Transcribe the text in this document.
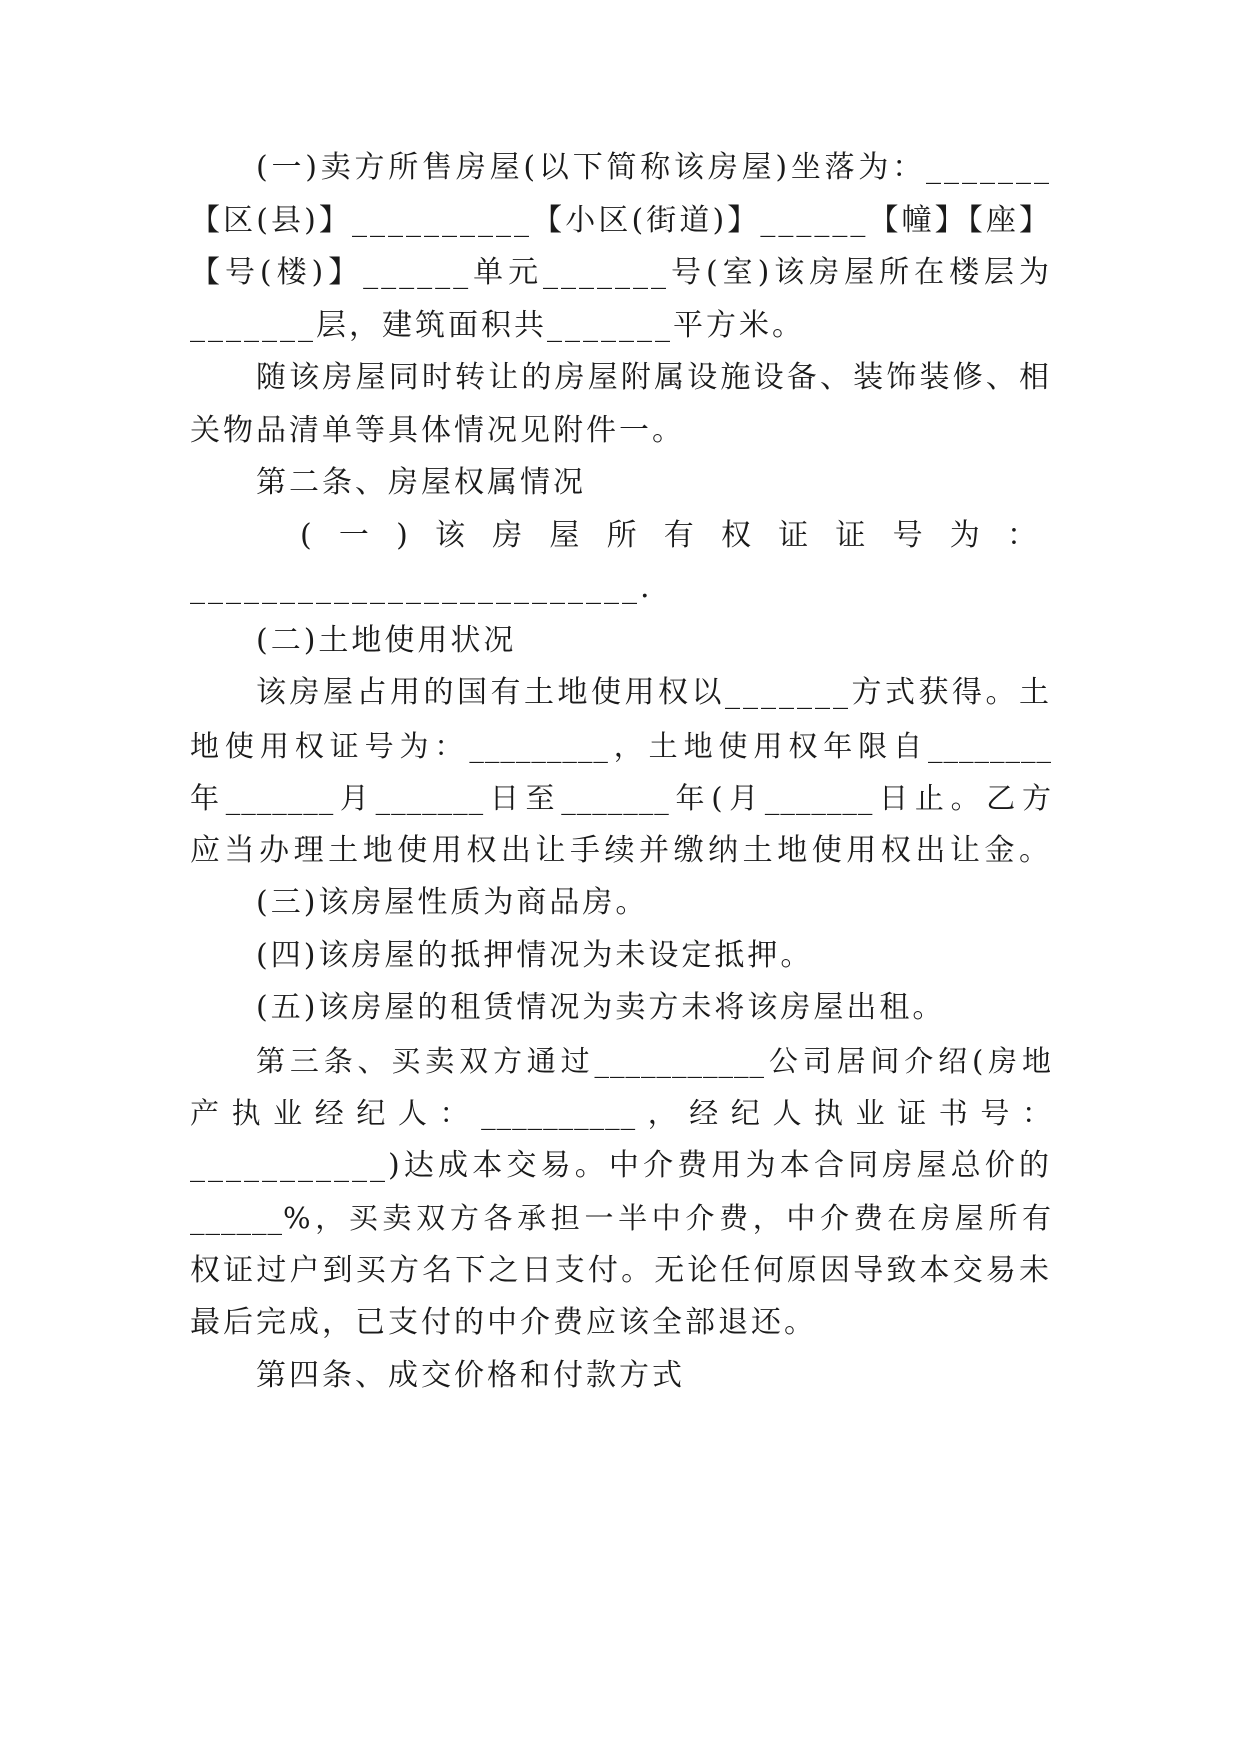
(一)卖方所售房屋(以下简称该房屋)坐落为：_______
【区(县)】__________【小区(街道)】______【幢】【座】
【号(楼)】______单元_______号(室)该房屋所在楼层为
_______层，建筑面积共_______平方米。
随该房屋同时转让的房屋附属设施设备、装饰装修、相
关物品清单等具体情况见附件一。
第二条、房屋权属情况
(一)该房屋所有权证证号为：
_________________________.
(二)土地使用状况
该房屋占用的国有土地使用权以_______方式获得。土
地使用权证号为：_________，土地使用权年限自________
年_______月_______日至_______年(月_______日止。乙方
应当办理土地使用权出让手续并缴纳土地使用权出让金。
(三)该房屋性质为商品房。
(四)该房屋的抵押情况为未设定抵押。
(五)该房屋的租赁情况为卖方未将该房屋出租。
第三条、买卖双方通过___________公司居间介绍(房地
产执业经纪人：__________，经纪人执业证书号：
___________)达成本交易。中介费用为本合同房屋总价的
______%，买卖双方各承担一半中介费，中介费在房屋所有
权证过户到买方名下之日支付。无论任何原因导致本交易未
最后完成，已支付的中介费应该全部退还。
第四条、成交价格和付款方式
